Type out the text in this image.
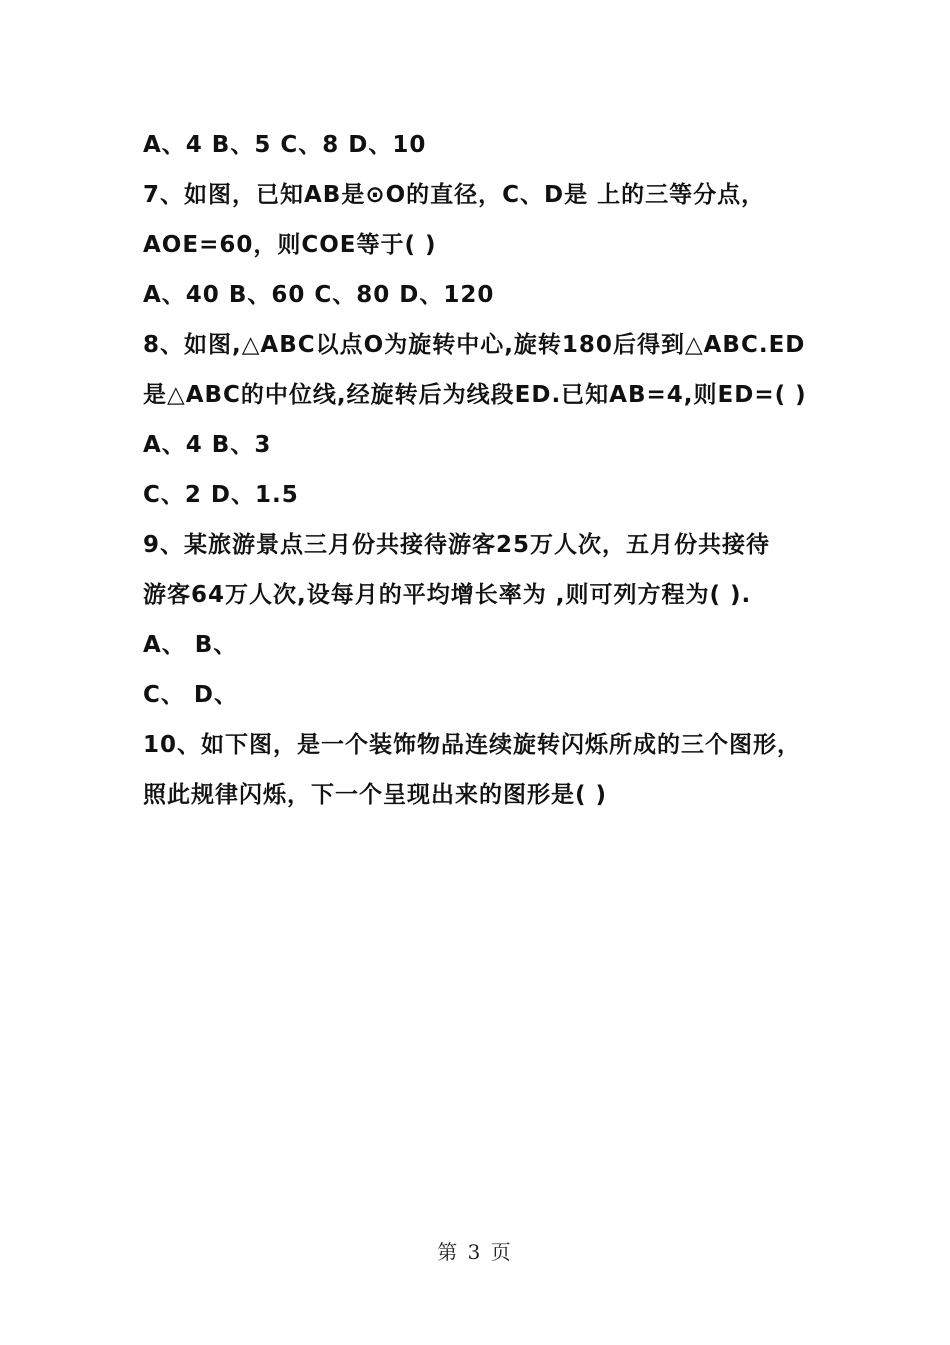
A、4 B、5 C、8 D、10
7、如图，已知AB是⊙O的直径，C、D是 上的三等分点，
AOE=60，则COE等于( )
A、40 B、60 C、80 D、120
8、如图,△ABC以点O为旋转中心,旋转180后得到△ABC.ED
是△ABC的中位线,经旋转后为线段ED.已知AB=4,则ED=( )
A、4 B、3
C、2 D、1.5
9、某旅游景点三月份共接待游客25万人次，五月份共接待
游客64万人次,设每月的平均增长率为 ,则可列方程为( ).
A、 B、
C、 D、
10、如下图，是一个装饰物品连续旋转闪烁所成的三个图形，
照此规律闪烁，下一个呈现出来的图形是( )
第 3 页
